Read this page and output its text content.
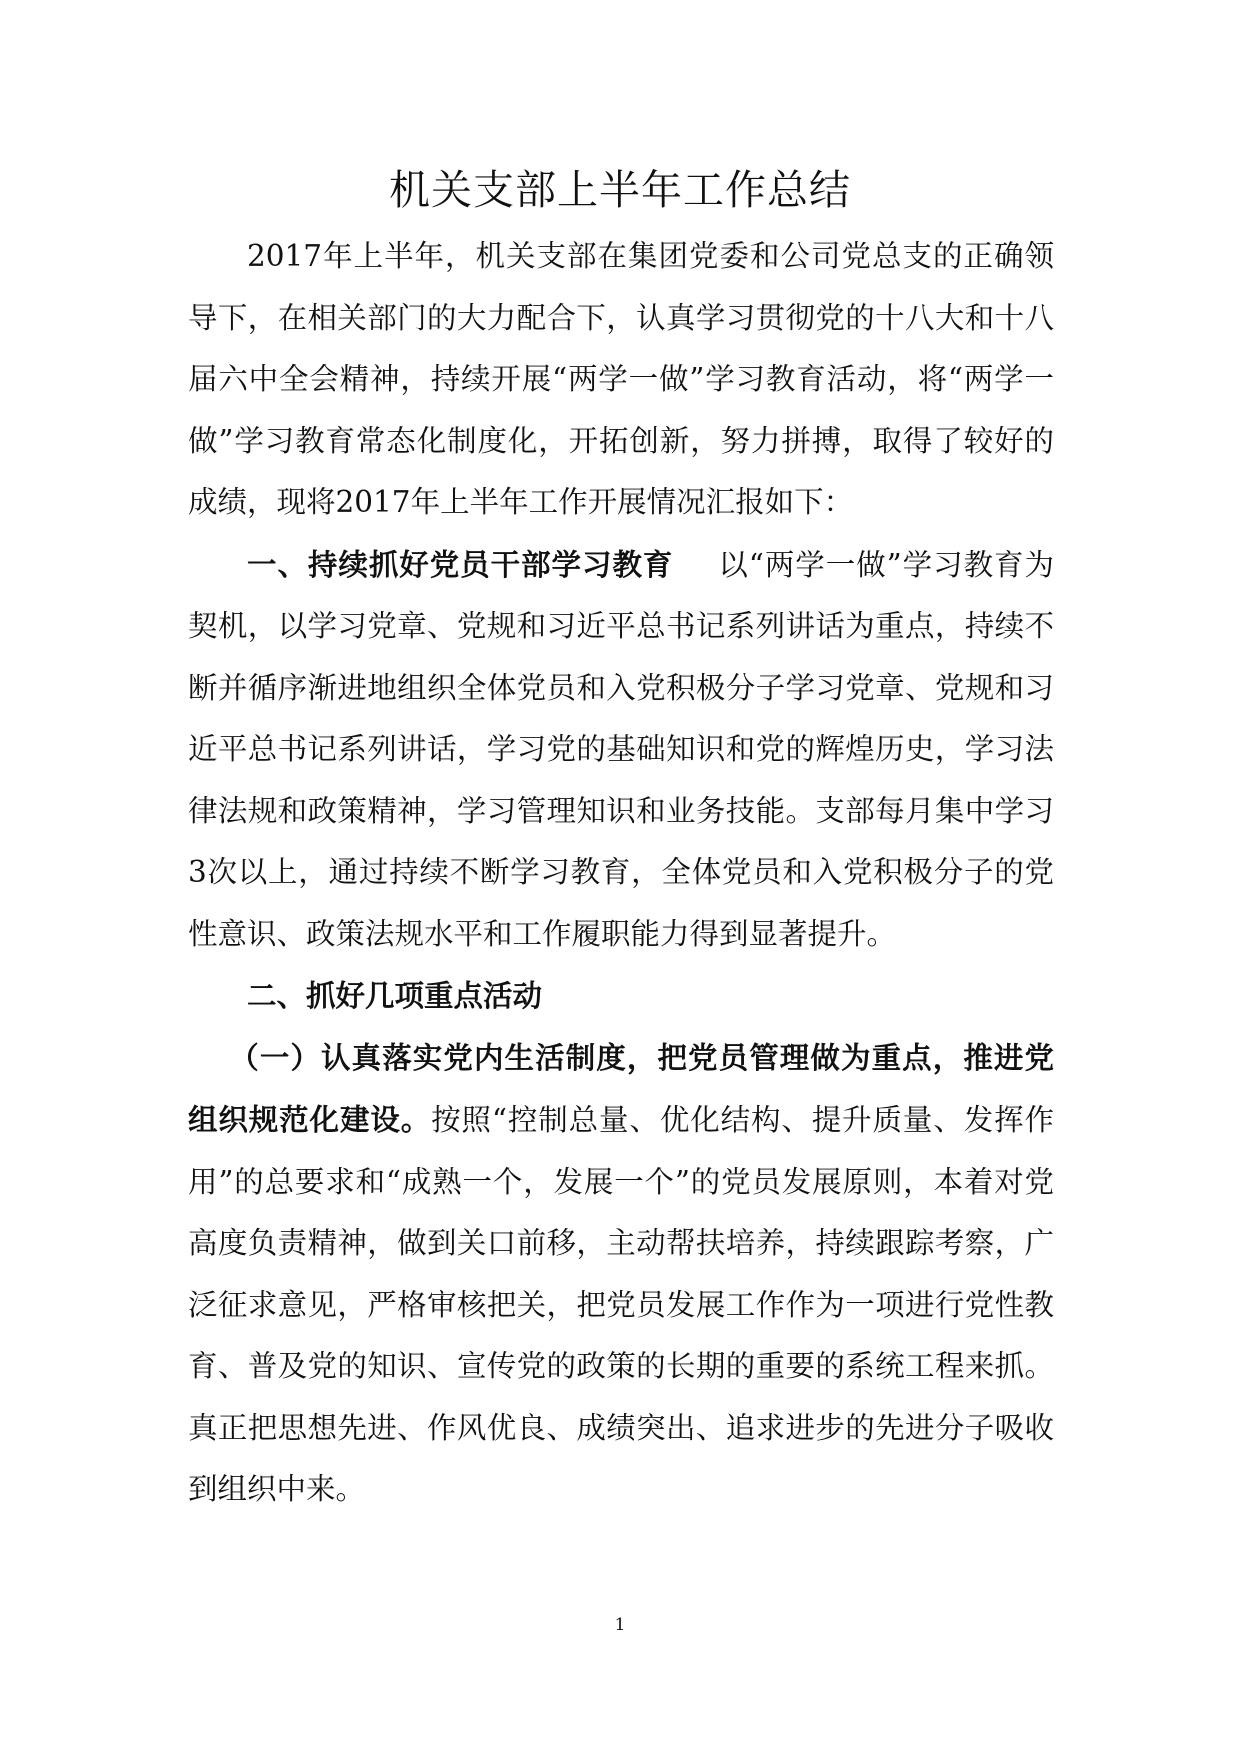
机关支部上半年工作总结

2017年上半年，机关支部在集团党委和公司党总支的正确领导下，在相关部门的大力配合下，认真学习贯彻党的十八大和十八届六中全会精神，持续开展“两学一做”学习教育活动，将“两学一做”学习教育常态化制度化，开拓创新，努力拼搏，取得了较好的成绩，现将2017年上半年工作开展情况汇报如下：

一、持续抓好党员干部学习教育 以“两学一做”学习教育为契机，以学习党章、党规和习近平总书记系列讲话为重点，持续不断并循序渐进地组织全体党员和入党积极分子学习党章、党规和习近平总书记系列讲话，学习党的基础知识和党的辉煌历史，学习法律法规和政策精神，学习管理知识和业务技能。支部每月集中学习3次以上，通过持续不断学习教育，全体党员和入党积极分子的党性意识、政策法规水平和工作履职能力得到显著提升。

二、抓好几项重点活动

（一）认真落实党内生活制度，把党员管理做为重点，推进党组织规范化建设。按照“控制总量、优化结构、提升质量、发挥作用”的总要求和“成熟一个，发展一个”的党员发展原则，本着对党高度负责精神，做到关口前移，主动帮扶培养，持续跟踪考察，广泛征求意见，严格审核把关，把党员发展工作作为一项进行党性教育、普及党的知识、宣传党的政策的长期的重要的系统工程来抓。真正把思想先进、作风优良、成绩突出、追求进步的先进分子吸收到组织中来。

1
